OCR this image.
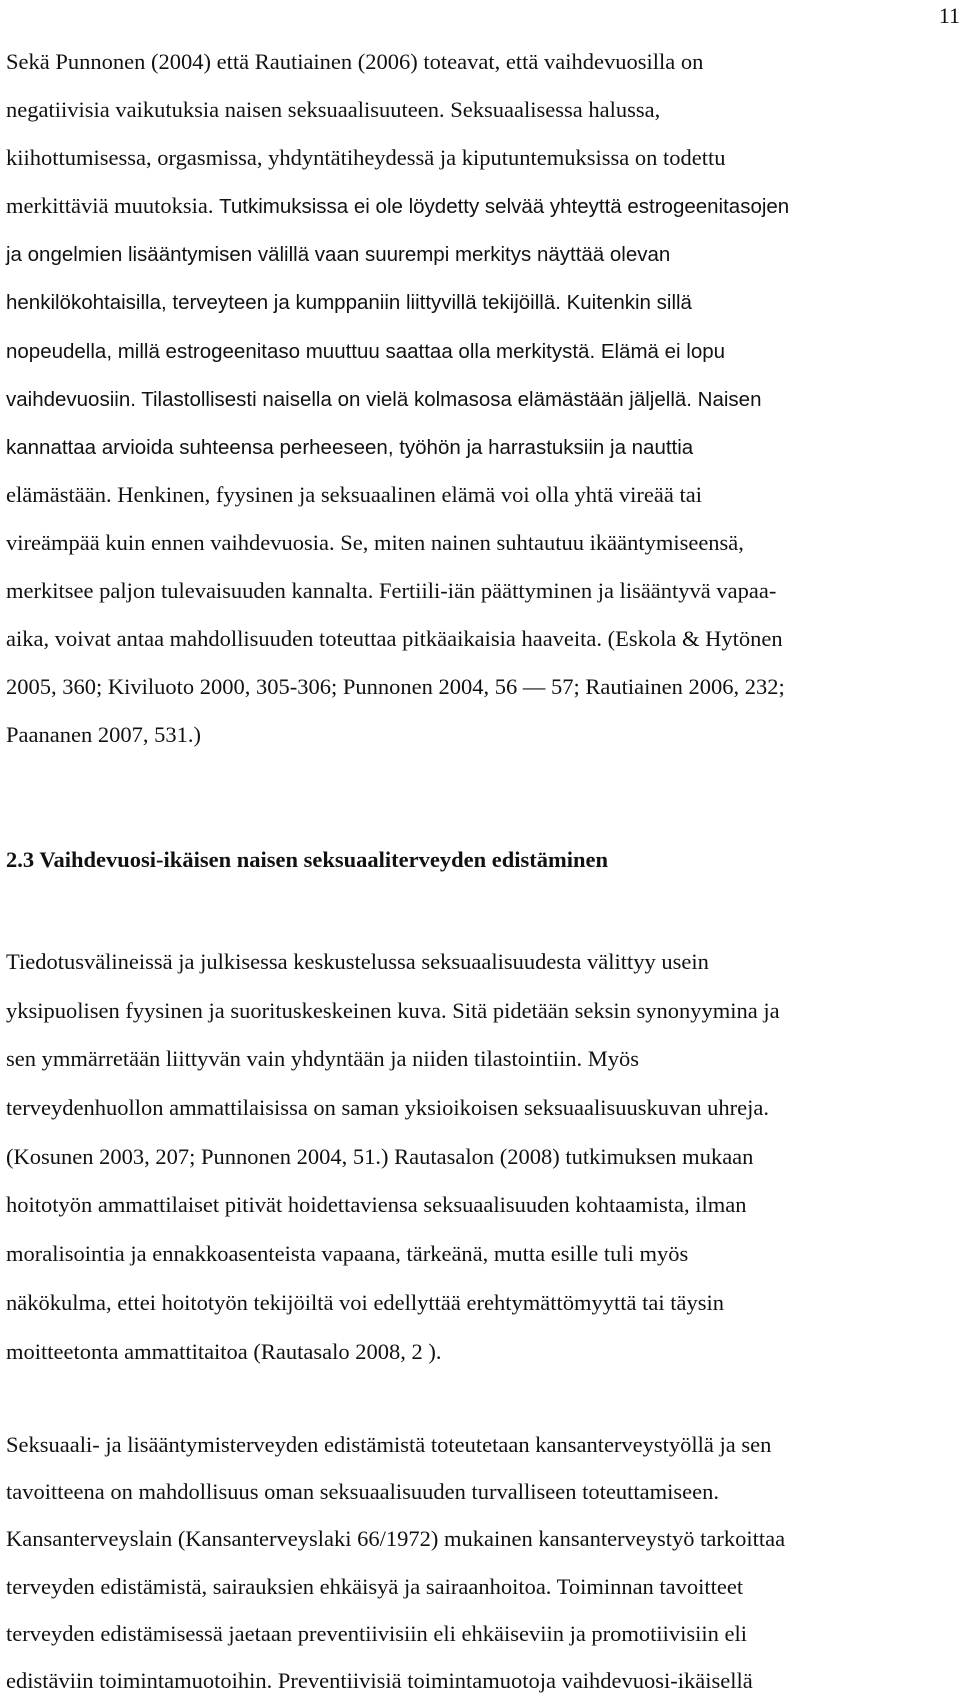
11
Sekä Punnonen (2004) että Rautiainen (2006) toteavat, että vaihdevuosilla on
negatiivisia vaikutuksia naisen seksuaalisuuteen. Seksuaalisessa halussa,
kiihottumisessa, orgasmissa, yhdyntätiheydessä ja kiputuntemuksissa on todettu
merkittäviä muutoksia. Tutkimuksissa ei ole löydetty selvää yhteyttä estrogeenitasojen
ja ongelmien lisääntymisen välillä vaan suurempi merkitys näyttää olevan
henkilökohtaisilla, terveyteen ja kumppaniin liittyvillä tekijöillä. Kuitenkin sillä
nopeudella, millä estrogeenitaso muuttuu saattaa olla merkitystä. Elämä ei lopu
vaihdevuosiin. Tilastollisesti naisella on vielä kolmasosa elämästään jäljellä. Naisen
kannattaa arvioida suhteensa perheeseen, työhön ja harrastuksiin ja nauttia
elämästään. Henkinen, fyysinen ja seksuaalinen elämä voi olla yhtä vireää tai
vireämpää kuin ennen vaihdevuosia. Se, miten nainen suhtautuu ikääntymiseensä,
merkitsee paljon tulevaisuuden kannalta. Fertiili-iän päättyminen ja lisääntyvä vapaa-
aika, voivat antaa mahdollisuuden toteuttaa pitkäaikaisia haaveita. (Eskola & Hytönen
2005, 360; Kiviluoto 2000, 305-306; Punnonen 2004, 56 — 57; Rautiainen 2006, 232;
Paananen 2007, 531.)
2.3 Vaihdevuosi-ikäisen naisen seksuaaliterveyden edistäminen
Tiedotusvälineissä ja julkisessa keskustelussa seksuaalisuudesta välittyy usein
yksipuolisen fyysinen ja suorituskeskeinen kuva. Sitä pidetään seksin synonyymina ja
sen ymmärretään liittyvän vain yhdyntään ja niiden tilastointiin. Myös
terveydenhuollon ammattilaisissa on saman yksioikoisen seksuaalisuuskuvan uhreja.
(Kosunen 2003, 207; Punnonen 2004, 51.) Rautasalon (2008) tutkimuksen mukaan
hoitotyön ammattilaiset pitivät hoidettaviensa seksuaalisuuden kohtaamista, ilman
moralisointia ja ennakkoasenteista vapaana, tärkeänä, mutta esille tuli myös
näkökulma, ettei hoitotyön tekijöiltä voi edellyttää erehtymättömyyttä tai täysin
moitteetonta ammattitaitoa (Rautasalo 2008, 2 ).
Seksuaali- ja lisääntymisterveyden edistämistä toteutetaan kansanterveystyöllä ja sen
tavoitteena on mahdollisuus oman seksuaalisuuden turvalliseen toteuttamiseen.
Kansanterveyslain (Kansanterveyslaki 66/1972) mukainen kansanterveystyö tarkoittaa
terveyden edistämistä, sairauksien ehkäisyä ja sairaanhoitoa. Toiminnan tavoitteet
terveyden edistämisessä jaetaan preventiivisiin eli ehkäiseviin ja promotiivisiin eli
edistäviin toimintamuotoihin. Preventiivisiä toimintamuotoja vaihdevuosi-ikäisellä
